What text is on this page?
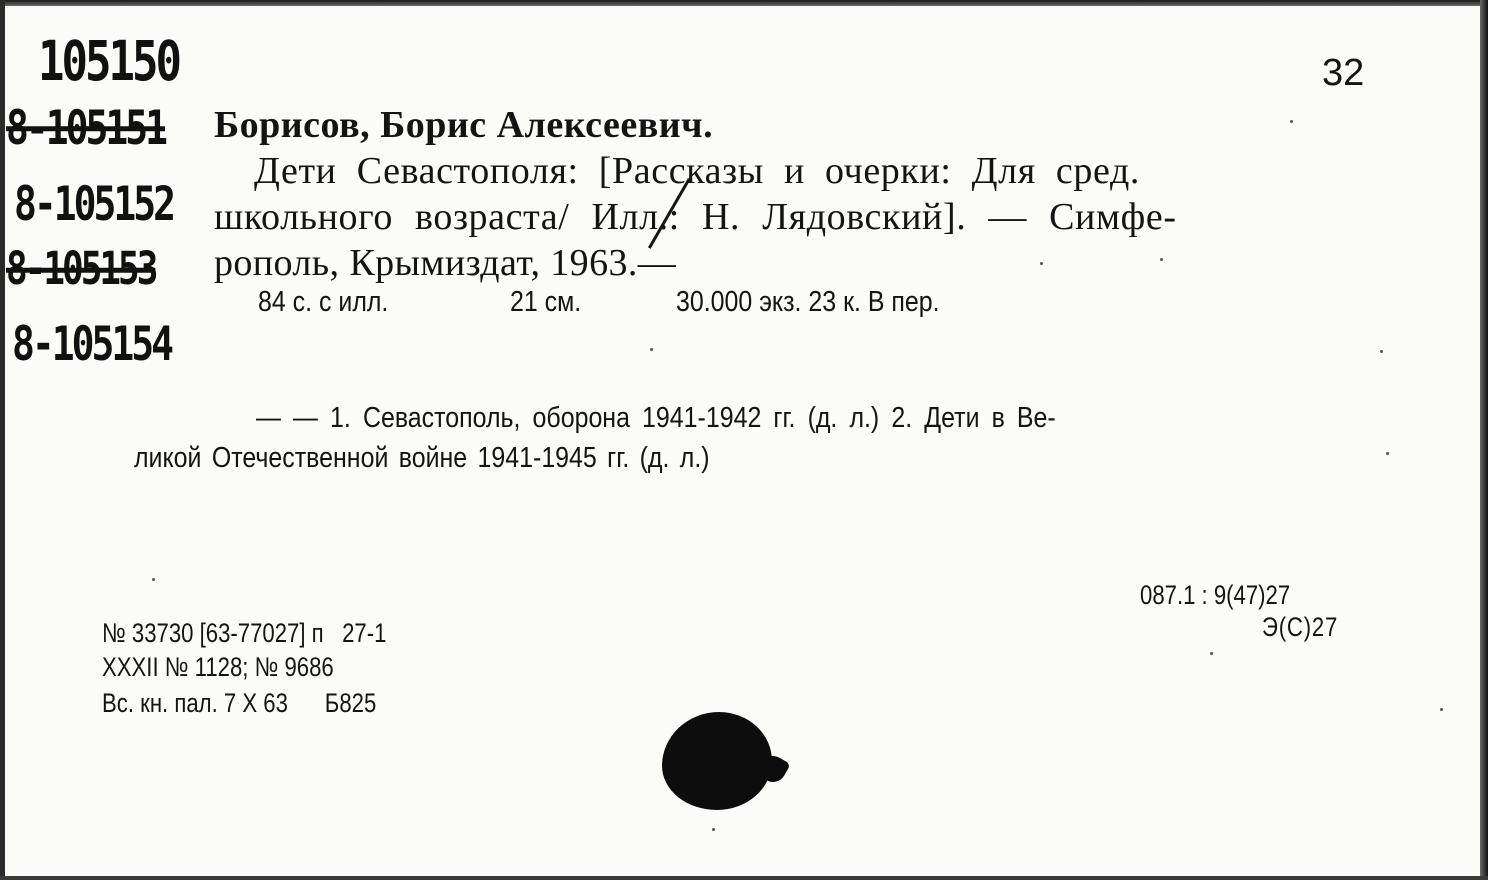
105150
8-105151
8-105152
8-105153
8-105154
32
Борисов, Борис Алексеевич.
Дети Севастополя: [Рассказы и очерки: Для сред.
школьного возраста/ Илл.: Н. Лядовский]. — Симфе-
рополь, Крымиздат, 1963.—
84 с. с илл.	21 см.	30.000 экз. 23 к. В пер.
— — 1. Севастополь, оборона 1941-1942 гг. (д. л.) 2. Дети в Ве-
ликой Отечественной войне 1941-1945 гг. (д. л.)
087.1 : 9(47)27
Э(С)27
№ 33730 [63-77027] п   27-1
XXXII № 1128; № 9686
Вс. кн. пал. 7 X 63      Б825
